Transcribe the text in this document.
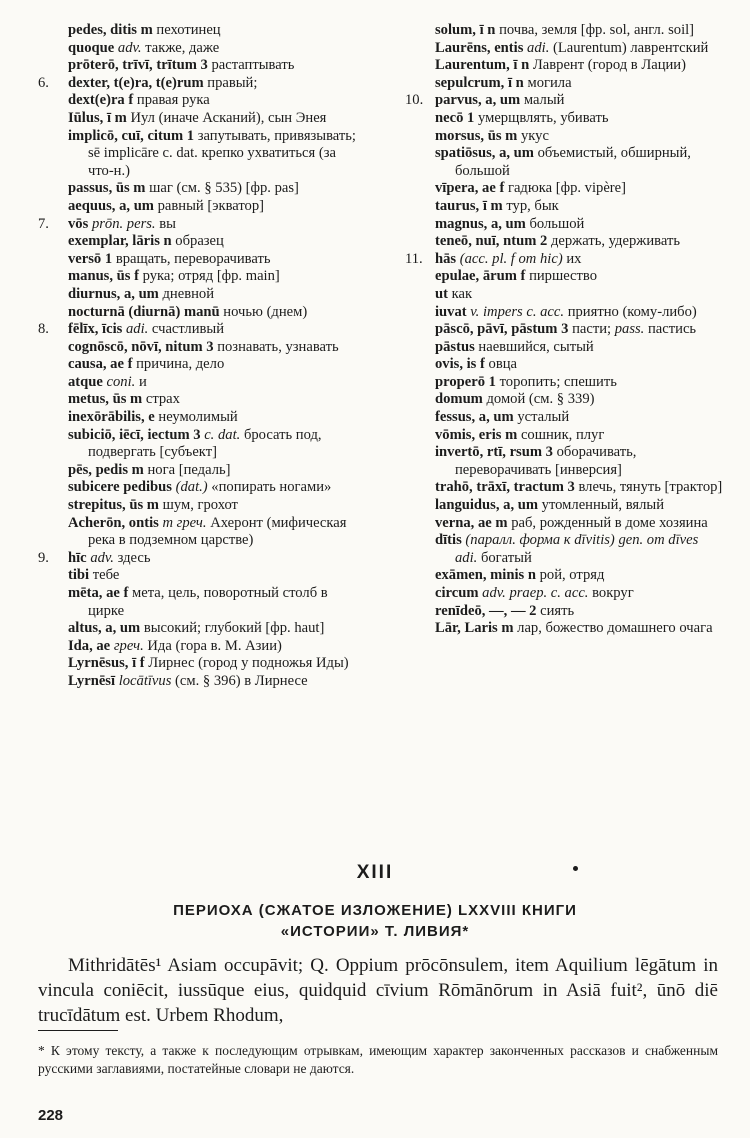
pedes, ditis m пехотинец
quoque adv. также, даже
prōterō, trīvī, trītum 3 растаптывать
6.	dexter, t(e)ra, t(e)rum правый;
dext(e)ra f правая рука
Iūlus, ī m Иул (иначе Асканий), сын Энея
implicō, cuī, citum 1 запутывать, привязывать; sē implicāre c. dat. крепко ухватиться (за что-н.)
passus, ūs m шаг (см. § 535) [фр. pas]
aequus, a, um равный [экватор]
7.	vōs prōn. pers. вы
exemplar, lāris n образец
versō 1 вращать, переворачивать
manus, ūs f рука; отряд [фр. main]
diurnus, a, um дневной
nocturnā (diurnā) manū ночью (днем)
8.	fēlīx, īcis adi. счастливый
cognōscō, nōvī, nitum 3 познавать, узнавать
causa, ae f причина, дело
atque coni. и
metus, ūs m страх
inexōrābilis, e неумолимый
subiciō, iēcī, iectum 3 c. dat. бросать под, подвергать [субъект]
pēs, pedis m нога [педаль]
subicere pedibus (dat.) «попирать ногами»
strepitus, ūs m шум, грохот
Acherōn, ontis m греч. Ахеронт (мифическая река в подземном царстве)
9.	hīc adv. здесь
tibi тебе
mēta, ae f мета, цель, поворотный столб в цирке
altus, a, um высокий; глубокий [фр. haut]
Ida, ae греч. Ида (гора в. М. Азии)
Lyrnēsus, ī f Лирнес (город у подножья Иды)
Lyrnēsī locātīvus (см. § 396) в Лирнесе
solum, ī n почва, земля [фр. sol, англ. soil]
Laurēns, entis adi. (Laurentum) лаврентский
Laurentum, ī n Лаврент (город в Лации)
sepulcrum, ī n могила
10. parvus, a, um малый
necō 1 умерщвлять, убивать
morsus, ūs m укус
spatiōsus, a, um объемистый, обширный, большой
vīpera, ae f гадюка [фр. vipère]
taurus, ī m тур, бык
magnus, a, um большой
teneō, nuī, ntum 2 держать, удерживать
11. hās (acc. pl. f от hic) их
epulae, ārum f пиршество
ut как
iuvat v. impers c. acc. приятно (кому-либо)
pāscō, pāvī, pāstum 3 пасти; pass. пастись
pāstus наевшийся, сытый
ovis, is f овца
properō 1 торопить; спешить
domum домой (см. § 339)
fessus, a, um усталый
vōmis, eris m сошник, плуг
invertō, rtī, rsum 3 оборачивать, переворачивать [инверсия]
trahō, trāxī, tractum 3 влечь, тянуть [трактор]
languidus, a, um утомленный, вялый
verna, ae m раб, рожденный в доме хозяина
dītis (паралл. форма к dīvitis) gen. от dīves adi. богатый
exāmen, minis n рой, отряд
circum adv. praep. c. acc. вокруг
renīdeō, —, — 2 сиять
Lār, Laris m лар, божество домашнего очага
XIII
ПЕРИОХА (СЖАТОЕ ИЗЛОЖЕНИЕ) LXXVIII КНИГИ
«ИСТОРИИ» Т. ЛИВИЯ*
Mithridātēs¹ Asiam occupāvit; Q. Oppium prōcōnsulem, item Aquilium lēgātum in vincula coniēcit, iussūque eius, quidquid cīvium Rōmānōrum in Asiā fuit², ūnō diē trucīdātum est. Urbem Rhodum,
* К этому тексту, а также к последующим отрывкам, имеющим характер законченных рассказов и снабженным русскими заглавиями, постатейные словари не даются.
228
